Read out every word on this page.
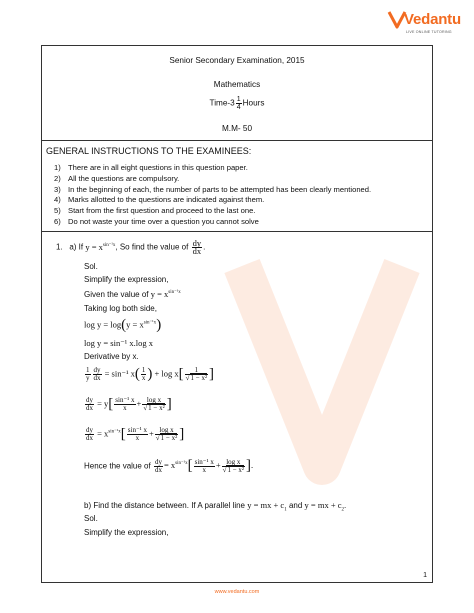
Vedantu
LIVE ONLINE TUTORING
Senior Secondary Examination, 2015
Mathematics
Time-3 $\frac{1}{4}$ Hours
M.M- 50
GENERAL INSTRUCTIONS TO THE EXAMINEES:
1) There are in all eight questions in this question paper.
2) All the questions are compulsory.
3) In the beginning of each, the number of parts to be attempted has been clearly mentioned.
4) Marks allotted to the questions are indicated against them.
5) Start from the first question and proceed to the last one.
6) Do not waste your time over a question you cannot solve
1. a) If $y = x^{sin^{-1}x}$, So find the value of $\frac{dy}{dx}$ .
Sol.
Simplify the expression,
Given the value of $y = x^{sin^{-1}x}$
Taking log both side,
$\log y = \log(y = x^{sin^{-1}x})$
log y = sin⁻¹ x.log x
Derivative by x.
$\frac{1}{y} \frac{dy}{dx} = \sin^{-1}$ $x( \frac{1}{x}$ ) + $\log x[ \frac{1}{\text{√1 − x²}}$ ]
$\frac{dy}{dx} = y[ \frac{\text{sin⁻¹ x}}{x} + \frac{\text{log x}}{\text{√1 − x²}}$ ]
$\frac{dy}{dx} = x^{sin^{-1}x}[ \frac{\text{sin⁻¹ x}}{x} + \frac{\text{log x}}{\text{√1 − x²}}$ ]
Hence the value of $\frac{dy}{dx} = x^{sin^{-1}x}[ \frac{\text{sin⁻¹ x}}{x} + \frac{\text{log x}}{\text{√1 − x²}}$ ].
b) Find the distance between. If A parallel line y = mx + $c_1$ and y = mx + $c_2$.
Sol.
Simplify the expression,
1
www.vedantu.com
